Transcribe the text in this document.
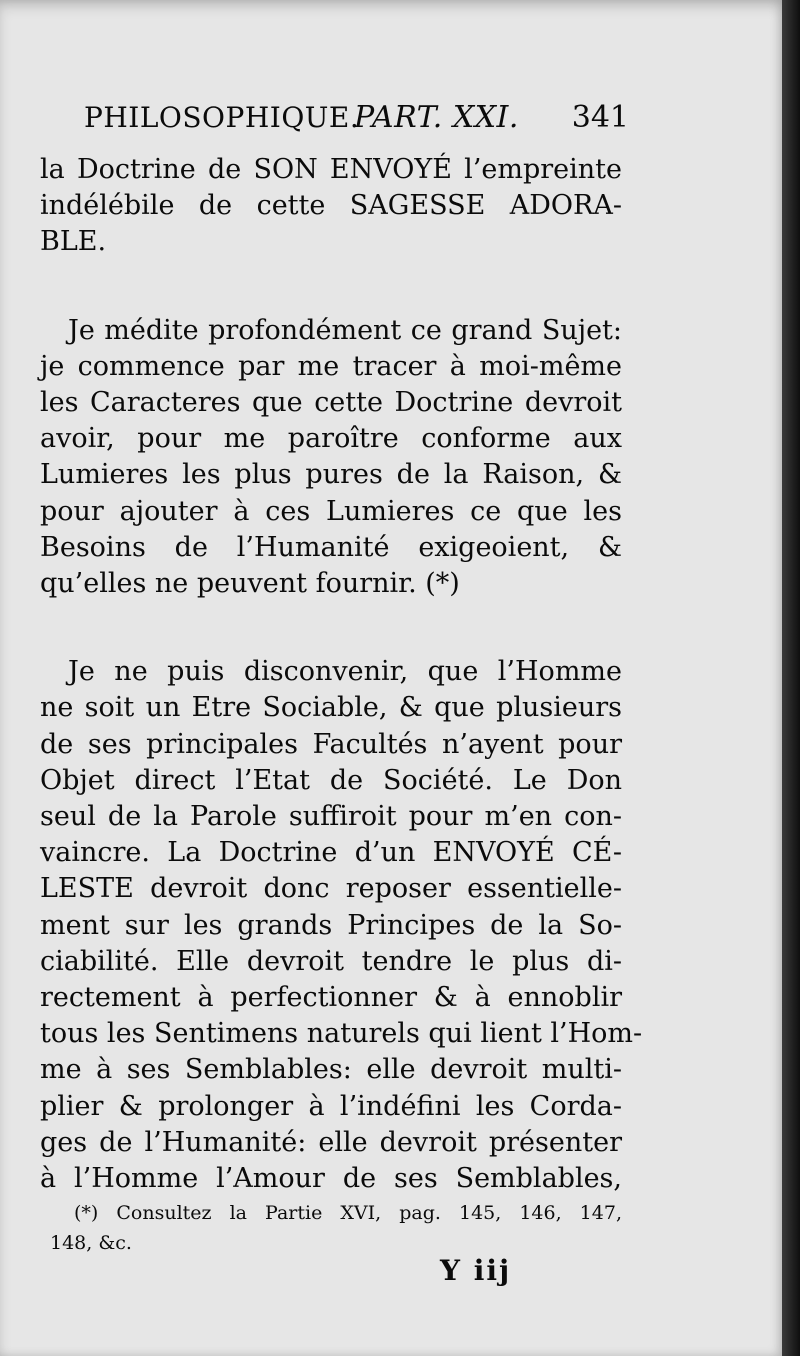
PHILOSOPHIQUE.
PART. XXI. 341
la Doctrine de SON ENVOYÉ l’empreinte
indélébile de cette SAGESSE ADORA-
BLE.
Je médite profondément ce grand Sujet:
je commence par me tracer à moi-même
les Caracteres que cette Doctrine devroit
avoir, pour me paroître conforme aux
Lumieres les plus pures de la Raison, &
pour ajouter à ces Lumieres ce que les
Besoins de l’Humanité exigeoient, &
qu’elles ne peuvent fournir. (*)
Je ne puis disconvenir, que l’Homme
ne soit un Etre Sociable, & que plusieurs
de ses principales Facultés n’ayent pour
Objet direct l’Etat de Société. Le Don
seul de la Parole suffiroit pour m’en con-
vaincre. La Doctrine d’un ENVOYÉ CÉ-
LESTE devroit donc reposer essentielle-
ment sur les grands Principes de la So-
ciabilité. Elle devroit tendre le plus di-
rectement à perfectionner & à ennoblir
tous les Sentimens naturels qui lient l’Hom-
me à ses Semblables: elle devroit multi-
plier & prolonger à l’indéfini les Corda-
ges de l’Humanité: elle devroit présenter
à l’Homme l’Amour de ses Semblables,
(*) Consultez la Partie XVI, pag. 145, 146, 147,
148, &c.
Y iij
